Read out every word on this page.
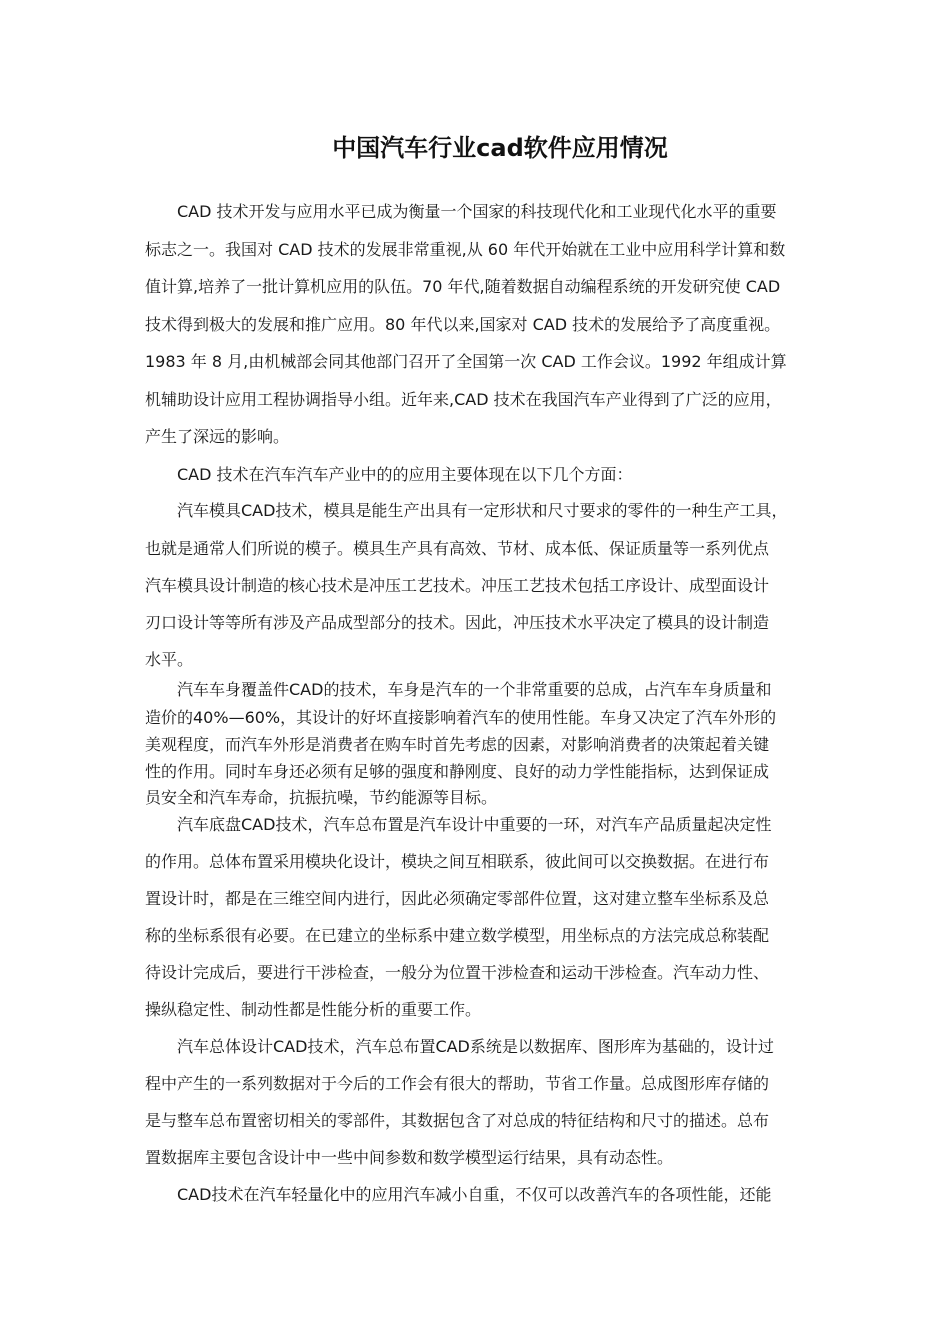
中国汽车行业cad软件应用情况

CAD 技术开发与应用水平已成为衡量一个国家的科技现代化和工业现代化水平的重要

标志之一。我国对 CAD 技术的发展非常重视,从 60 年代开始就在工业中应用科学计算和数

值计算,培养了一批计算机应用的队伍。70 年代,随着数据自动编程系统的开发研究使 CAD

技术得到极大的发展和推广应用。80 年代以来,国家对 CAD 技术的发展给予了高度重视。

1983 年 8 月,由机械部会同其他部门召开了全国第一次 CAD 工作会议。1992 年组成计算

机辅助设计应用工程协调指导小组。近年来,CAD 技术在我国汽车产业得到了广泛的应用，

产生了深远的影响。

CAD 技术在汽车汽车产业中的的应用主要体现在以下几个方面：

汽车模具CAD技术，模具是能生产出具有一定形状和尺寸要求的零件的一种生产工具，

也就是通常人们所说的模子。模具生产具有高效、节材、成本低、保证质量等一系列优点

汽车模具设计制造的核心技术是冲压工艺技术。冲压工艺技术包括工序设计、成型面设计

刃口设计等等所有涉及产品成型部分的技术。因此，冲压技术水平决定了模具的设计制造

水平。

汽车车身覆盖件CAD的技术，车身是汽车的一个非常重要的总成，占汽车车身质量和

造价的40%—60%，其设计的好坏直接影响着汽车的使用性能。车身又决定了汽车外形的

美观程度，而汽车外形是消费者在购车时首先考虑的因素，对影响消费者的决策起着关键

性的作用。同时车身还必须有足够的强度和静刚度、良好的动力学性能指标，达到保证成

员安全和汽车寿命，抗振抗噪，节约能源等目标。

汽车底盘CAD技术，汽车总布置是汽车设计中重要的一环，对汽车产品质量起决定性

的作用。总体布置采用模块化设计，模块之间互相联系，彼此间可以交换数据。在进行布

置设计时，都是在三维空间内进行，因此必须确定零部件位置，这对建立整车坐标系及总

称的坐标系很有必要。在已建立的坐标系中建立数学模型，用坐标点的方法完成总称装配

待设计完成后，要进行干涉检查，一般分为位置干涉检查和运动干涉检查。汽车动力性、

操纵稳定性、制动性都是性能分析的重要工作。

汽车总体设计CAD技术，汽车总布置CAD系统是以数据库、图形库为基础的，设计过

程中产生的一系列数据对于今后的工作会有很大的帮助，节省工作量。总成图形库存储的

是与整车总布置密切相关的零部件，其数据包含了对总成的特征结构和尺寸的描述。总布

置数据库主要包含设计中一些中间参数和数学模型运行结果，具有动态性。

CAD技术在汽车轻量化中的应用汽车减小自重，不仅可以改善汽车的各项性能，还能
